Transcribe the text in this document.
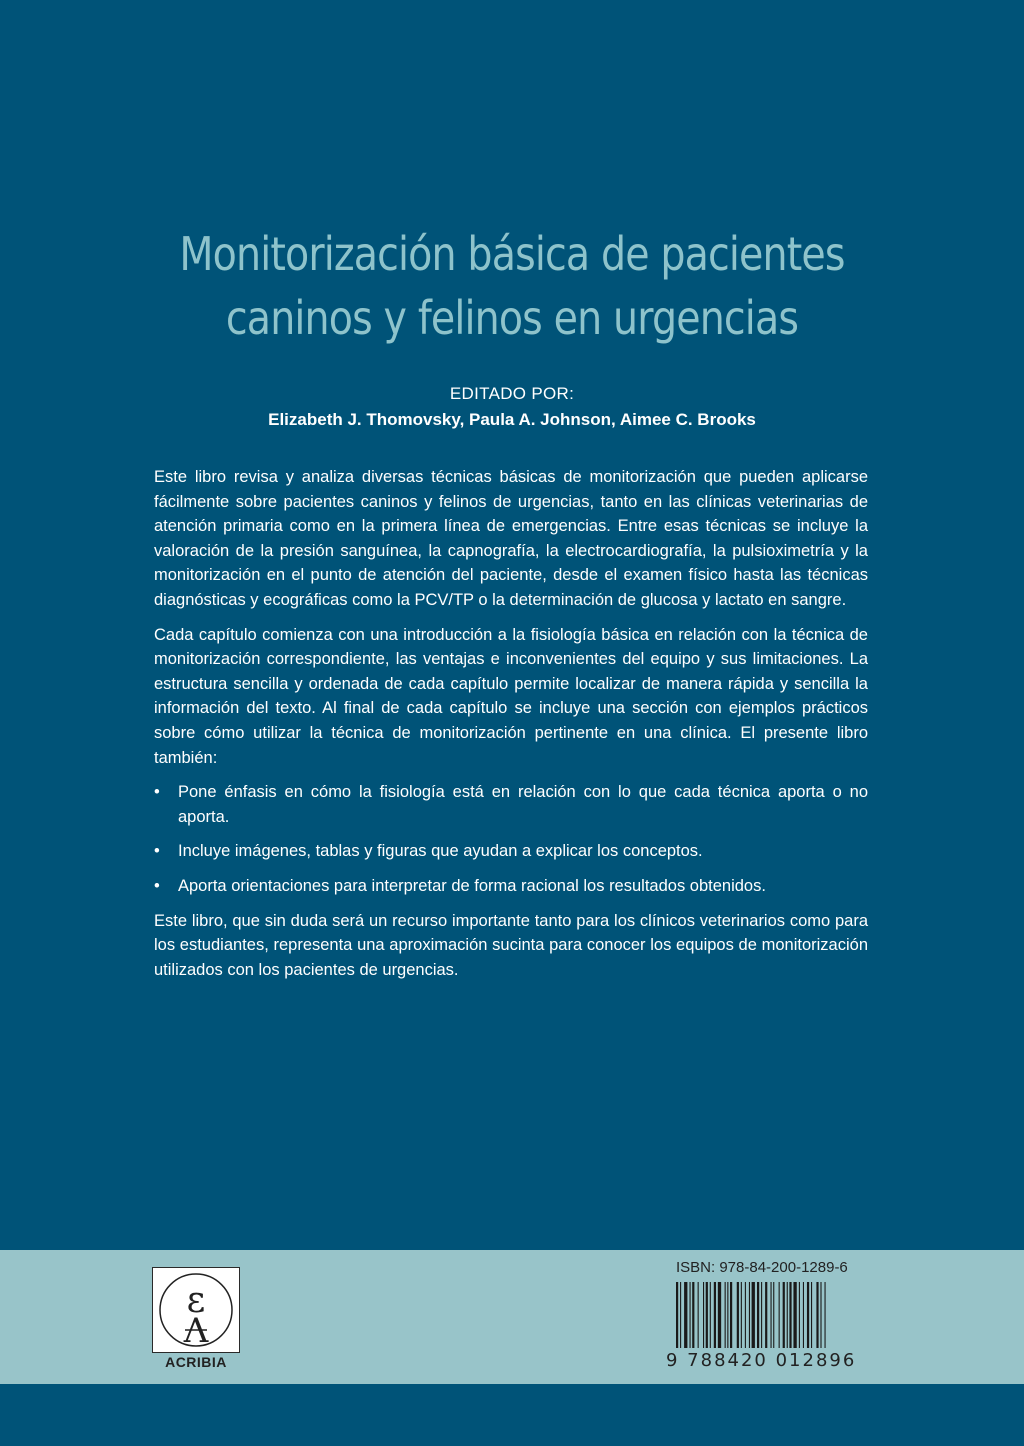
Monitorización básica de pacientes
caninos y felinos en urgencias
EDITADO POR:
Elizabeth J. Thomovsky, Paula A. Johnson, Aimee C. Brooks

Este libro revisa y analiza diversas técnicas básicas de monitorización que pueden aplicarse fácilmente sobre pacientes caninos y felinos de urgencias, tanto en las clínicas veterinarias de atención primaria como en la primera línea de emergencias. Entre esas técnicas se incluye la valoración de la presión sanguínea, la capnografía, la electrocardiografía, la pulsioximetría y la monitorización en el punto de atención del paciente, desde el examen físico hasta las técnicas diagnósticas y ecográficas como la PCV/TP o la determinación de glucosa y lactato en sangre.

Cada capítulo comienza con una introducción a la fisiología básica en relación con la técnica de monitorización correspondiente, las ventajas e inconvenientes del equipo y sus limitaciones. La estructura sencilla y ordenada de cada capítulo permite localizar de manera rápida y sencilla la información del texto. Al final de cada capítulo se incluye una sección con ejemplos prácticos sobre cómo utilizar la técnica de monitorización pertinente en una clínica. El presente libro también:

• Pone énfasis en cómo la fisiología está en relación con lo que cada técnica aporta o no aporta.
• Incluye imágenes, tablas y figuras que ayudan a explicar los conceptos.
• Aporta orientaciones para interpretar de forma racional los resultados obtenidos.

Este libro, que sin duda será un recurso importante tanto para los clínicos veterinarios como para los estudiantes, representa una aproximación sucinta para conocer los equipos de monitorización utilizados con los pacientes de urgencias.

ε
Λ
ACRIBIA
ISBN: 978-84-200-1289-6
9 788420 012896
